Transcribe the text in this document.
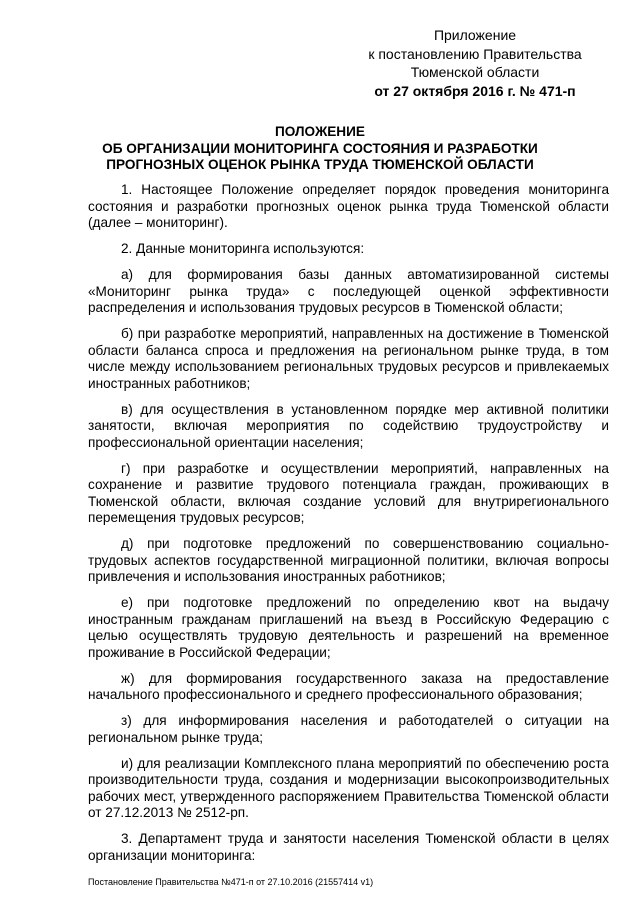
Приложение
к постановлению Правительства
Тюменской области
от 27 октября 2016 г. № 471-п
ПОЛОЖЕНИЕ
ОБ ОРГАНИЗАЦИИ МОНИТОРИНГА СОСТОЯНИЯ И РАЗРАБОТКИ
ПРОГНОЗНЫХ ОЦЕНОК РЫНКА ТРУДА ТЮМЕНСКОЙ ОБЛАСТИ

1. Настоящее Положение определяет порядок проведения мониторинга состояния и разработки прогнозных оценок рынка труда Тюменской области (далее – мониторинг).

2. Данные мониторинга используются:

а) для формирования базы данных автоматизированной системы «Мониторинг рынка труда» с последующей оценкой эффективности распределения и использования трудовых ресурсов в Тюменской области;

б) при разработке мероприятий, направленных на достижение в Тюменской области баланса спроса и предложения на региональном рынке труда, в том числе между использованием региональных трудовых ресурсов и привлекаемых иностранных работников;

в) для осуществления в установленном порядке мер активной политики занятости, включая мероприятия по содействию трудоустройству и профессиональной ориентации населения;

г) при разработке и осуществлении мероприятий, направленных на сохранение и развитие трудового потенциала граждан, проживающих в Тюменской области, включая создание условий для внутрирегионального перемещения трудовых ресурсов;

д) при подготовке предложений по совершенствованию социально-трудовых аспектов государственной миграционной политики, включая вопросы привлечения и использования иностранных работников;

е) при подготовке предложений по определению квот на выдачу иностранным гражданам приглашений на въезд в Российскую Федерацию с целью осуществлять трудовую деятельность и разрешений на временное проживание в Российской Федерации;

ж) для формирования государственного заказа на предоставление начального профессионального и среднего профессионального образования;

з) для информирования населения и работодателей о ситуации на региональном рынке труда;

и) для реализации Комплексного плана мероприятий по обеспечению роста производительности труда, создания и модернизации высокопроизводительных рабочих мест, утвержденного распоряжением Правительства Тюменской области от 27.12.2013 № 2512-рп.

3. Департамент труда и занятости населения Тюменской области в целях организации мониторинга:

Постановление Правительства №471-п от 27.10.2016 (21557414 v1)
